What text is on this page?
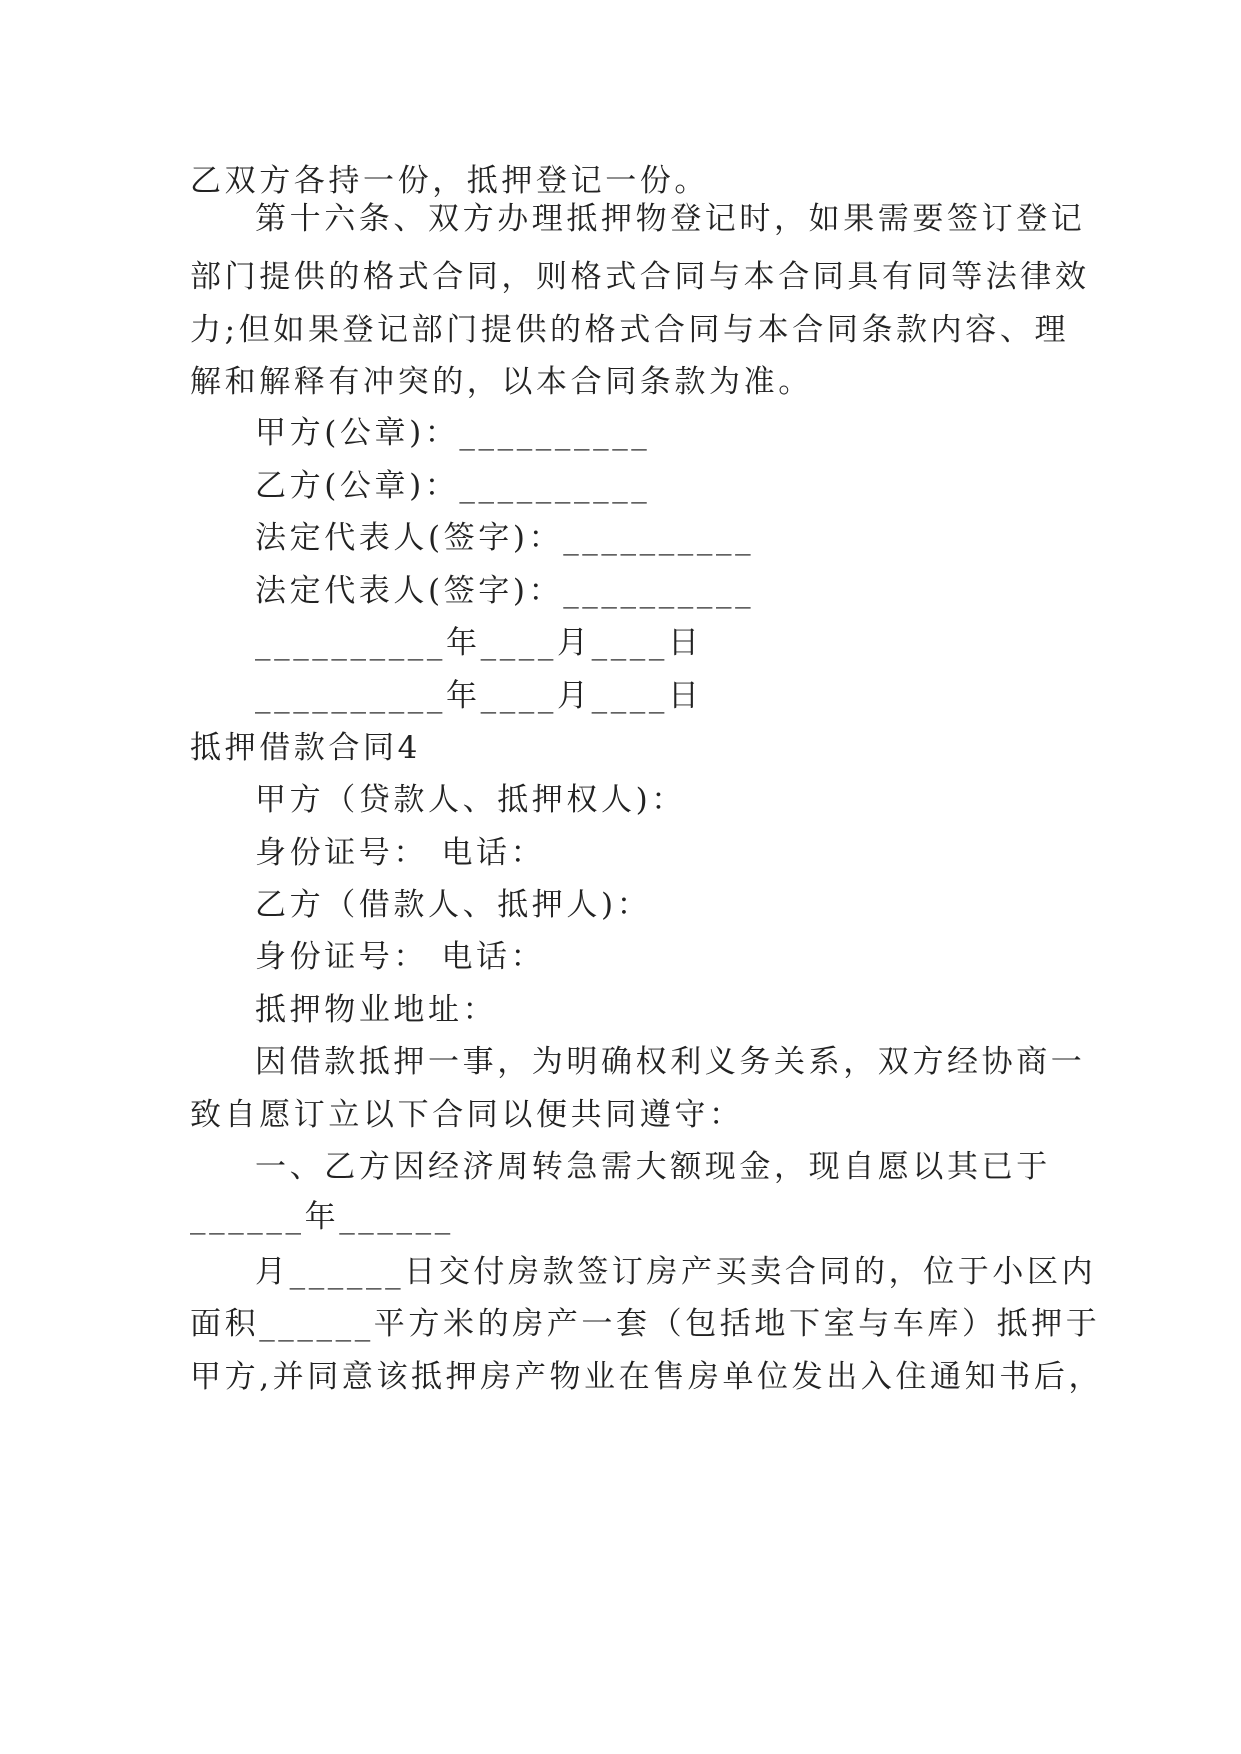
乙双方各持一份，抵押登记一份。

第十六条、双方办理抵押物登记时，如果需要签订登记

部门提供的格式合同，则格式合同与本合同具有同等法律效

力;但如果登记部门提供的格式合同与本合同条款内容、理

解和解释有冲突的，以本合同条款为准。

甲方(公章)：__________

乙方(公章)：__________

法定代表人(签字)：__________

法定代表人(签字)：__________

__________年____月____日

__________年____月____日

抵押借款合同4

甲方（贷款人、抵押权人)：

身份证号： 电话：

乙方（借款人、抵押人)：

身份证号： 电话：

抵押物业地址：

因借款抵押一事，为明确权利义务关系，双方经协商一

致自愿订立以下合同以便共同遵守：

一、乙方因经济周转急需大额现金，现自愿以其已于

______年______

月______日交付房款签订房产买卖合同的，位于小区内

面积______平方米的房产一套（包括地下室与车库）抵押于

甲方,并同意该抵押房产物业在售房单位发出入住通知书后，
